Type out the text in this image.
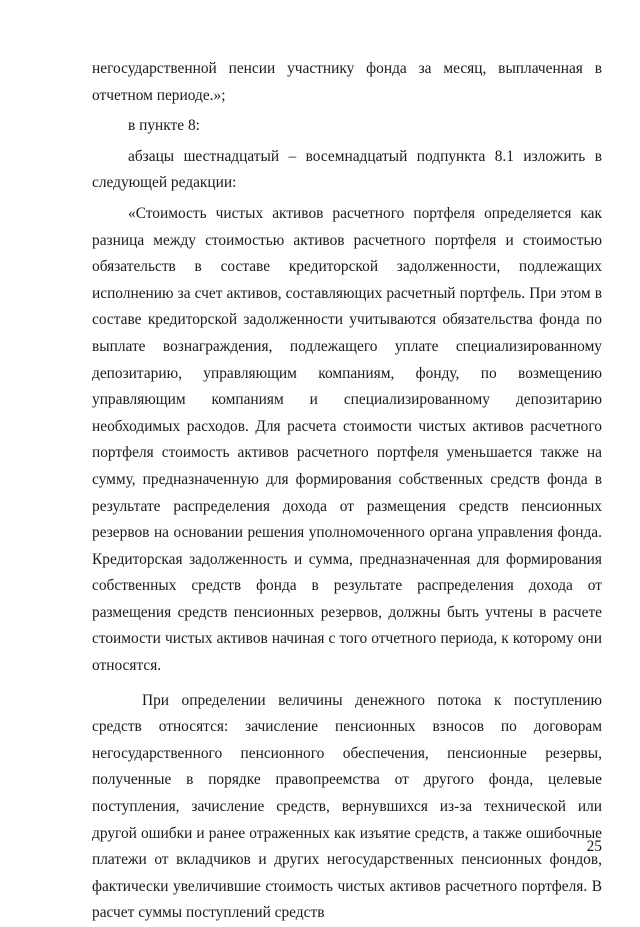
негосударственной пенсии участнику фонда за месяц, выплаченная в отчетном периоде.»;

в пункте 8:

абзацы шестнадцатый – восемнадцатый подпункта 8.1 изложить в следующей редакции:

«Стоимость чистых активов расчетного портфеля определяется как разница между стоимостью активов расчетного портфеля и стоимостью обязательств в составе кредиторской задолженности, подлежащих исполнению за счет активов, составляющих расчетный портфель. При этом в составе кредиторской задолженности учитываются обязательства фонда по выплате вознаграждения, подлежащего уплате специализированному депозитарию, управляющим компаниям, фонду, по возмещению управляющим компаниям и специализированному депозитарию необходимых расходов. Для расчета стоимости чистых активов расчетного портфеля стоимость активов расчетного портфеля уменьшается также на сумму, предназначенную для формирования собственных средств фонда в результате распределения дохода от размещения средств пенсионных резервов на основании решения уполномоченного органа управления фонда. Кредиторская задолженность и сумма, предназначенная для формирования собственных средств фонда в результате распределения дохода от размещения средств пенсионных резервов, должны быть учтены в расчете стоимости чистых активов начиная с того отчетного периода, к которому они относятся.

При определении величины денежного потока к поступлению средств относятся: зачисление пенсионных взносов по договорам негосударственного пенсионного обеспечения, пенсионные резервы, полученные в порядке правопреемства от другого фонда, целевые поступления, зачисление средств, вернувшихся из-за технической или другой ошибки и ранее отраженных как изъятие средств, а также ошибочные платежи от вкладчиков и других негосударственных пенсионных фондов, фактически увеличившие стоимость чистых активов расчетного портфеля. В расчет суммы поступлений средств

25
